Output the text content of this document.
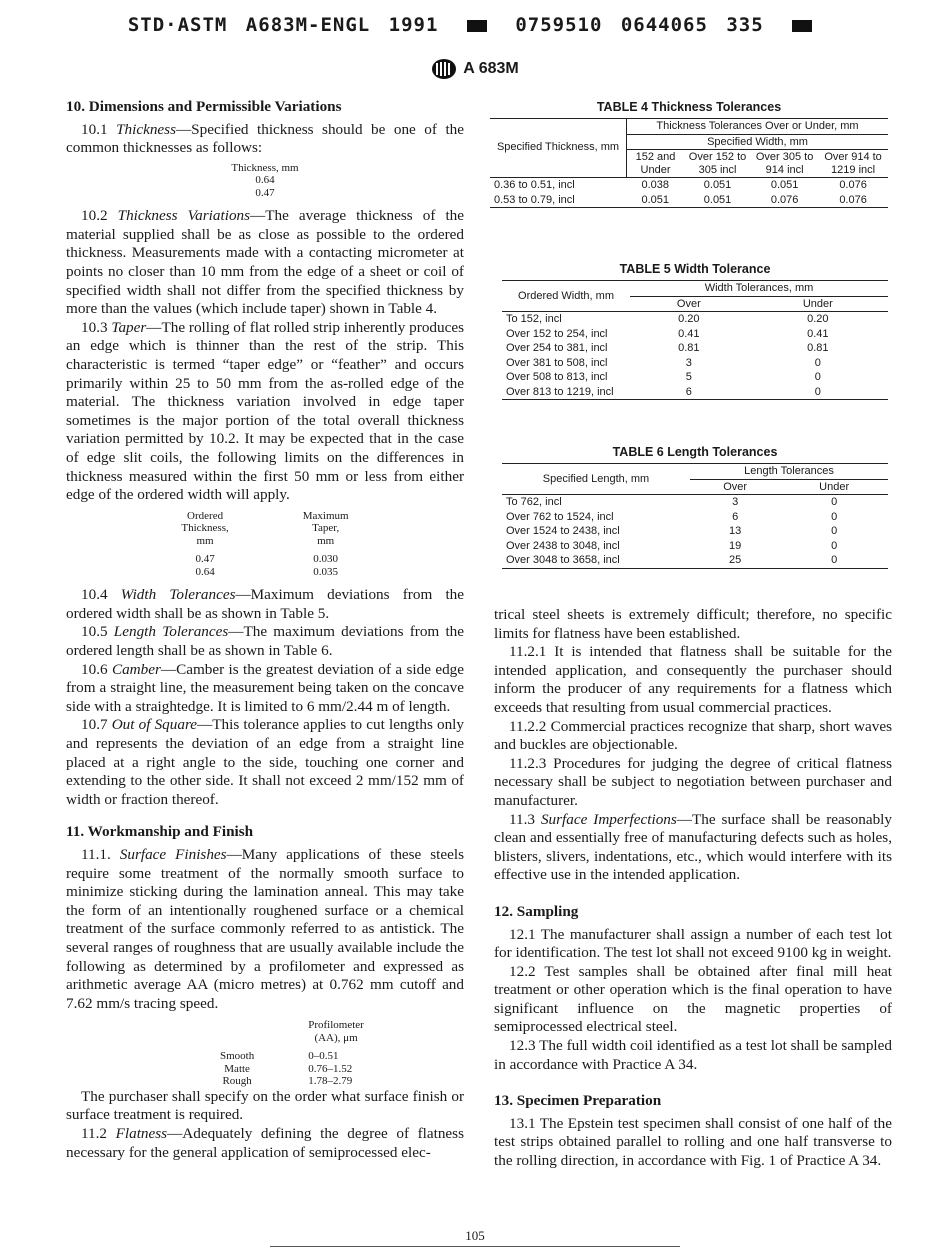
STD·ASTM A683M-ENGL 1991	0759510 0644065 335
A 683M
10. Dimensions and Permissible Variations

10.1 Thickness—Specified thickness should be one of the common thicknesses as follows:

Thickness, mm
0.64
0.47

10.2 Thickness Variations—The average thickness of the material supplied shall be as close as possible to the ordered thickness. Measurements made with a contacting micrometer at points no closer than 10 mm from the edge of a sheet or coil of specified width shall not differ from the specified thickness by more than the values (which include taper) shown in Table 4.

10.3 Taper—The rolling of flat rolled strip inherently produces an edge which is thinner than the rest of the strip. This characteristic is termed “taper edge” or “feather” and occurs primarily within 25 to 50 mm from the as-rolled edge of the material. The thickness variation involved in edge taper sometimes is the major portion of the total overall thickness variation permitted by 10.2. It may be expected that in the case of edge slit coils, the following limits on the differences in thickness measured within the first 50 mm or less from either edge of the ordered width will apply.

Ordered	Maximum
Thickness,	Taper,
mm	mm
0.47	0.030
0.64	0.035

10.4 Width Tolerances—Maximum deviations from the ordered width shall be as shown in Table 5.

10.5 Length Tolerances—The maximum deviations from the ordered length shall be as shown in Table 6.

10.6 Camber—Camber is the greatest deviation of a side edge from a straight line, the measurement being taken on the concave side with a straightedge. It is limited to 6 mm/2.44 m of length.

10.7 Out of Square—This tolerance applies to cut lengths only and represents the deviation of an edge from a straight line placed at a right angle to the side, touching one corner and extending to the other side. It shall not exceed 2 mm/152 mm of width or fraction thereof.

11. Workmanship and Finish

11.1. Surface Finishes—Many applications of these steels require some treatment of the normally smooth surface to minimize sticking during the lamination anneal. This may take the form of an intentionally roughened surface or a chemical treatment of the surface commonly referred to as antistick. The several ranges of roughness that are usually available include the following as determined by a profilometer and expressed as arithmetic average AA (micro metres) at 0.762 mm cutoff and 7.62 mm/s tracing speed.

	Profilometer
	(AA), μm
Smooth	0–0.51
Matte	0.76–1.52
Rough	1.78–2.79

The purchaser shall specify on the order what surface finish or surface treatment is required.

11.2 Flatness—Adequately defining the degree of flatness necessary for the general application of semiprocessed elec-

TABLE 4 Thickness Tolerances
Specified Thickness, mm	Thickness Tolerances Over or Under, mm			
	Specified Width, mm			
	152 and Under	Over 152 to 305 incl	Over 305 to 914 incl	Over 914 to 1219 incl
0.36 to 0.51, incl	0.038	0.051	0.051	0.076
0.53 to 0.79, incl	0.051	0.051	0.076	0.076
TABLE 5 Width Tolerance
Ordered Width, mm	Width Tolerances, mm	
	Over	Under
To 152, incl	0.20	0.20
Over 152 to 254, incl	0.41	0.41
Over 254 to 381, incl	0.81	0.81
Over 381 to 508, incl	3	0
Over 508 to 813, incl	5	0
Over 813 to 1219, incl	6	0
TABLE 6 Length Tolerances
Specified Length, mm	Length Tolerances	
	Over	Under
To 762, incl	3	0
Over 762 to 1524, incl	6	0
Over 1524 to 2438, incl	13	0
Over 2438 to 3048, incl	19	0
Over 3048 to 3658, incl	25	0

trical steel sheets is extremely difficult; therefore, no specific limits for flatness have been established.

11.2.1 It is intended that flatness shall be suitable for the intended application, and consequently the purchaser should inform the producer of any requirements for a flatness which exceeds that resulting from usual commercial practices.

11.2.2 Commercial practices recognize that sharp, short waves and buckles are objectionable.

11.2.3 Procedures for judging the degree of critical flatness necessary shall be subject to negotiation between purchaser and manufacturer.

11.3 Surface Imperfections—The surface shall be reasonably clean and essentially free of manufacturing defects such as holes, blisters, slivers, indentations, etc., which would interfere with its effective use in the intended application.

12. Sampling

12.1 The manufacturer shall assign a number of each test lot for identification. The test lot shall not exceed 9100 kg in weight.

12.2 Test samples shall be obtained after final mill heat treatment or other operation which is the final operation to have significant influence on the magnetic properties of semiprocessed electrical steel.

12.3 The full width coil identified as a test lot shall be sampled in accordance with Practice A 34.

13. Specimen Preparation

13.1 The Epstein test specimen shall consist of one half of the test strips obtained parallel to rolling and one half transverse to the rolling direction, in accordance with Fig. 1 of Practice A 34.

105
